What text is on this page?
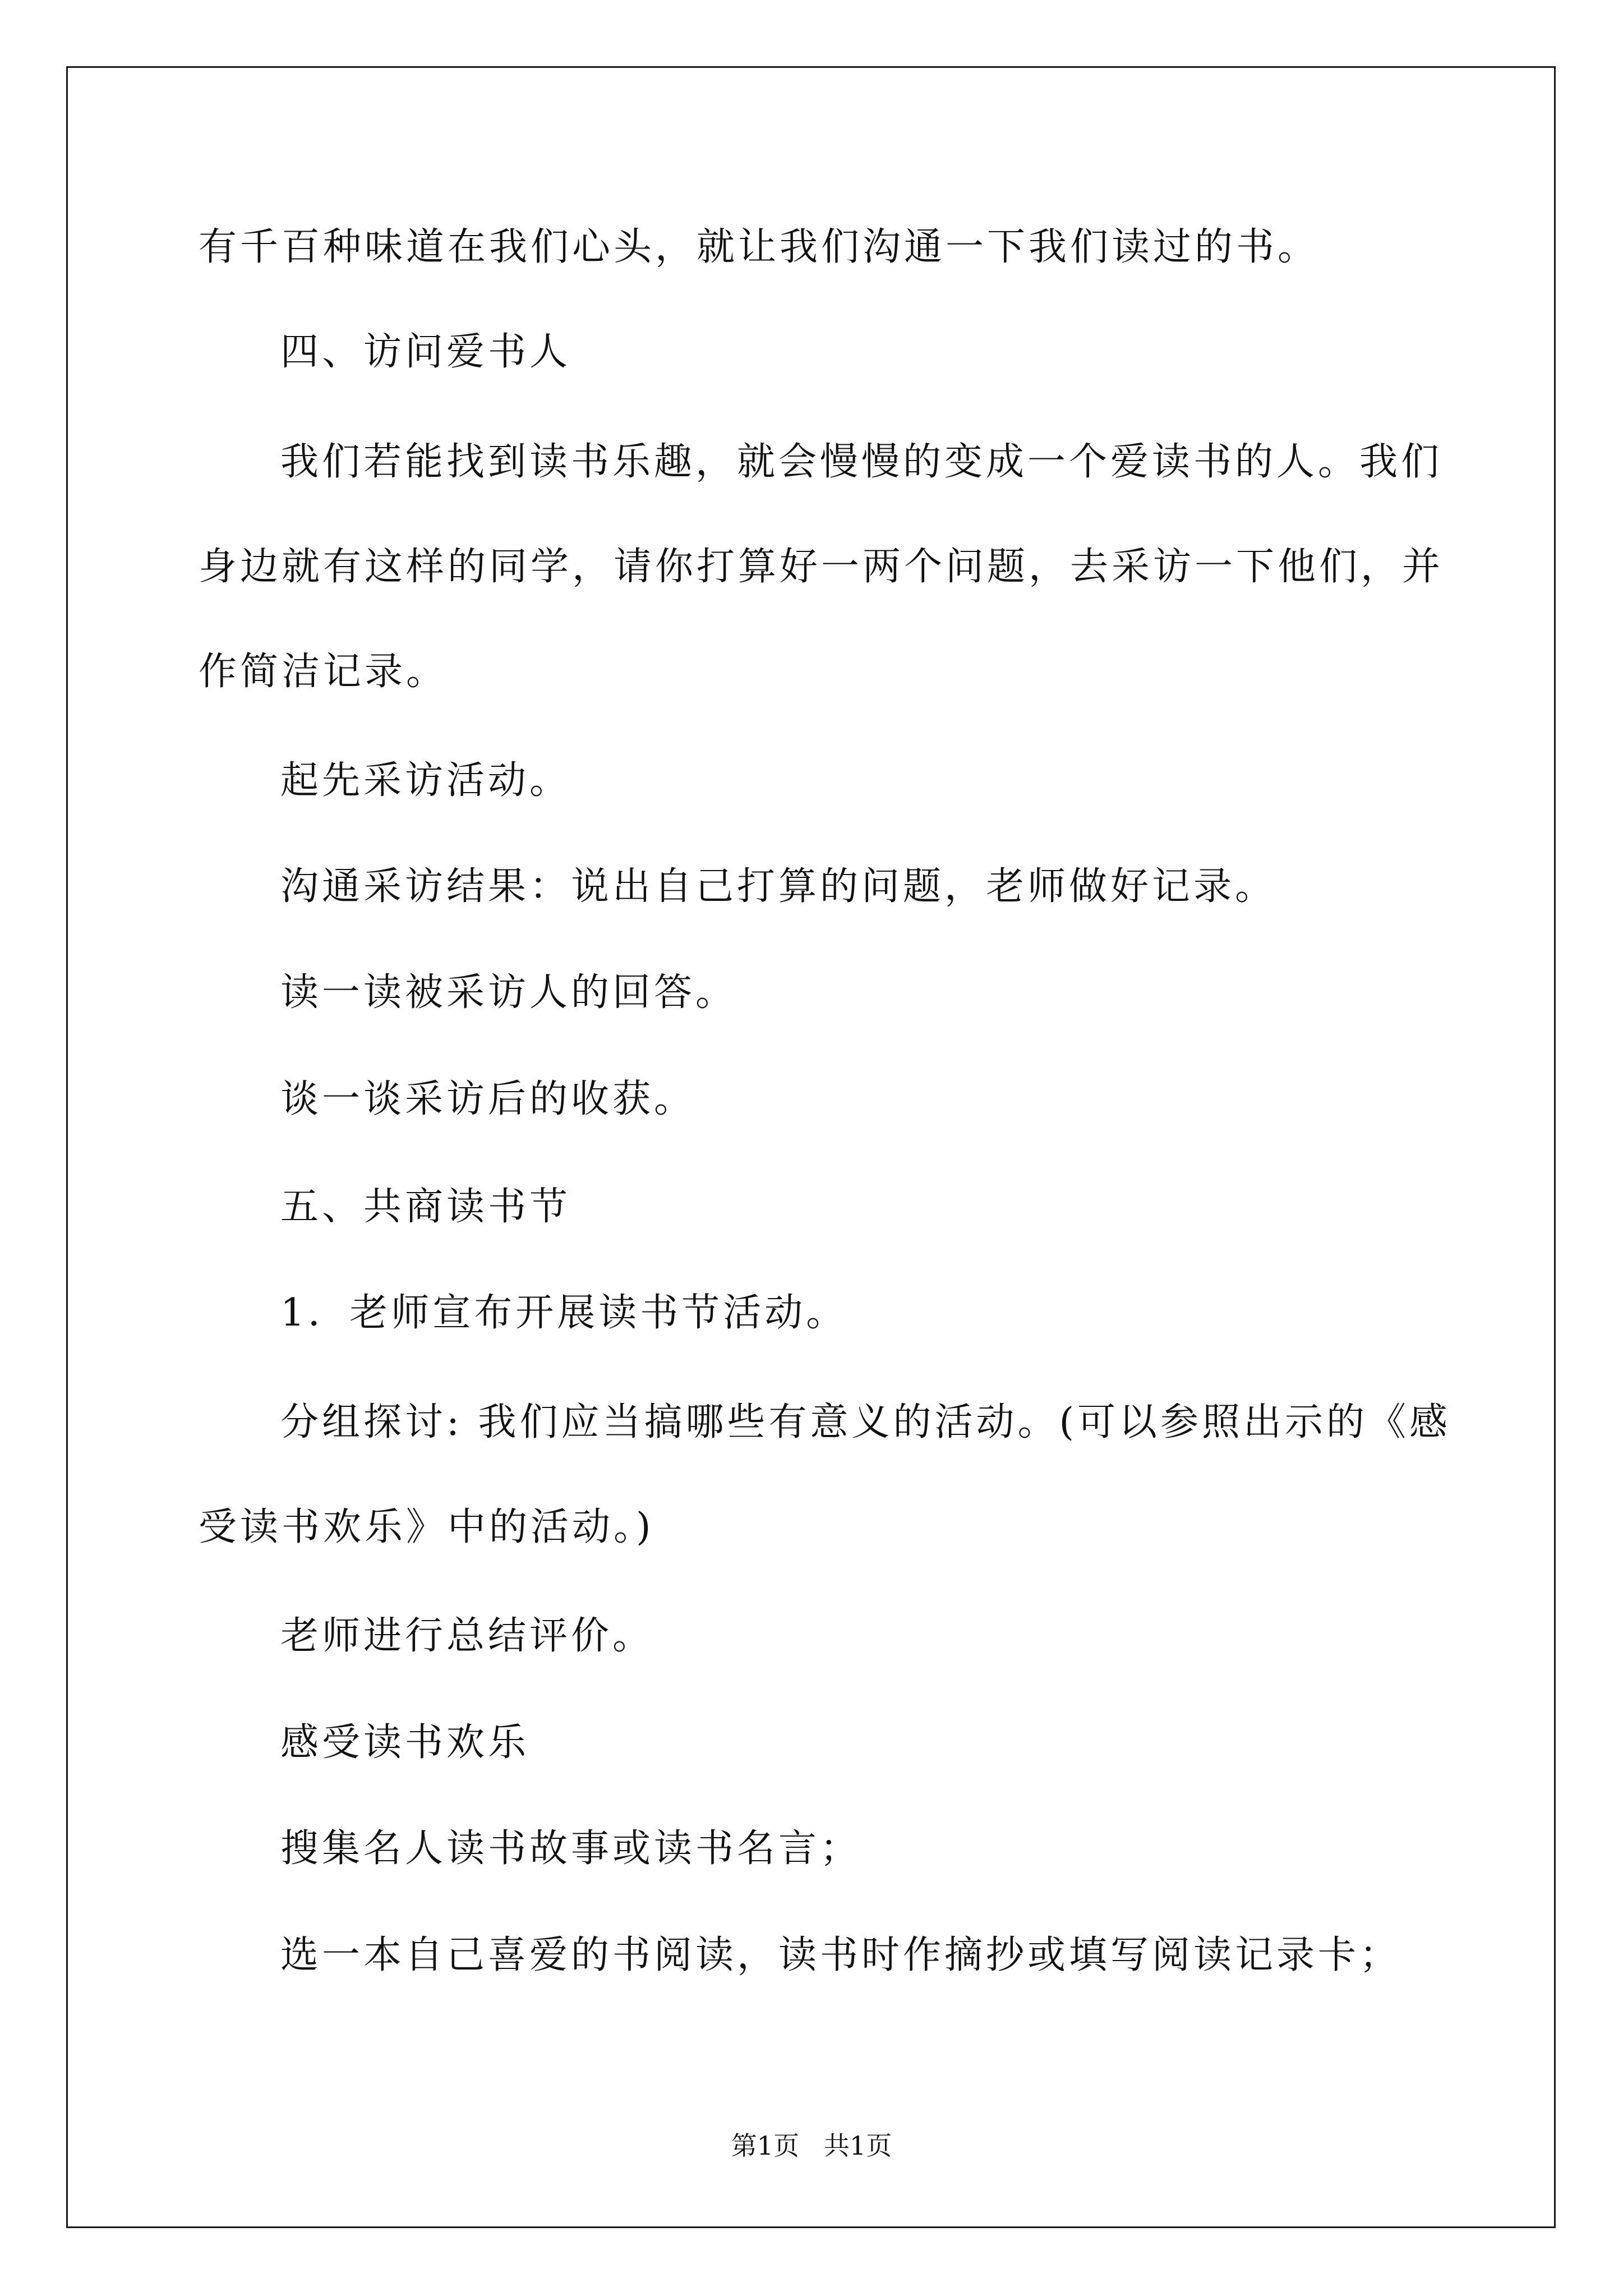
有千百种味道在我们心头，就让我们沟通一下我们读过的书。
四、访问爱书人
我们若能找到读书乐趣，就会慢慢的变成一个爱读书的人。我们
身边就有这样的同学，请你打算好一两个问题，去采访一下他们，并
作简洁记录。
起先采访活动。
沟通采访结果：说出自己打算的问题，老师做好记录。
读一读被采访人的回答。
谈一谈采访后的收获。
五、共商读书节
1．老师宣布开展读书节活动。
分组探讨: 我们应当搞哪些有意义的活动。(可以参照出示的《感
受读书欢乐》中的活动。)
老师进行总结评价。
感受读书欢乐
搜集名人读书故事或读书名言；
选一本自己喜爱的书阅读，读书时作摘抄或填写阅读记录卡；
第1页   共1页
